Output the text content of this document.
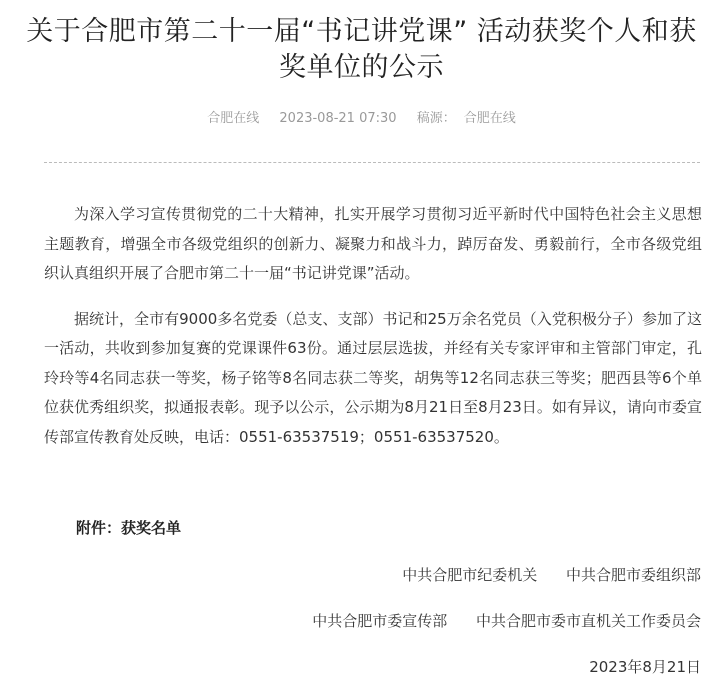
关于合肥市第二十一届“书记讲党课” 活动获奖个人和获奖单位的公示
合肥在线 2023-08-21 07:30 稿源： 合肥在线

为深入学习宣传贯彻党的二十大精神，扎实开展学习贯彻习近平新时代中国特色社会主义思想主题教育，增强全市各级党组织的创新力、凝聚力和战斗力，踔厉奋发、勇毅前行，全市各级党组织认真组织开展了合肥市第二十一届“书记讲党课”活动。

据统计，全市有9000多名党委（总支、支部）书记和25万余名党员（入党积极分子）参加了这一活动，共收到参加复赛的党课课件63份。通过层层选拔，并经有关专家评审和主管部门审定，孔玲玲等4名同志获一等奖，杨子铭等8名同志获二等奖，胡隽等12名同志获三等奖；肥西县等6个单位获优秀组织奖，拟通报表彰。现予以公示，公示期为8月21日至8月23日。如有异议，请向市委宣传部宣传教育处反映，电话：0551-63537519；0551-63537520。

附件：获奖名单
中共合肥市纪委机关 中共合肥市委组织部
中共合肥市委宣传部 中共合肥市委市直机关工作委员会
2023年8月21日
